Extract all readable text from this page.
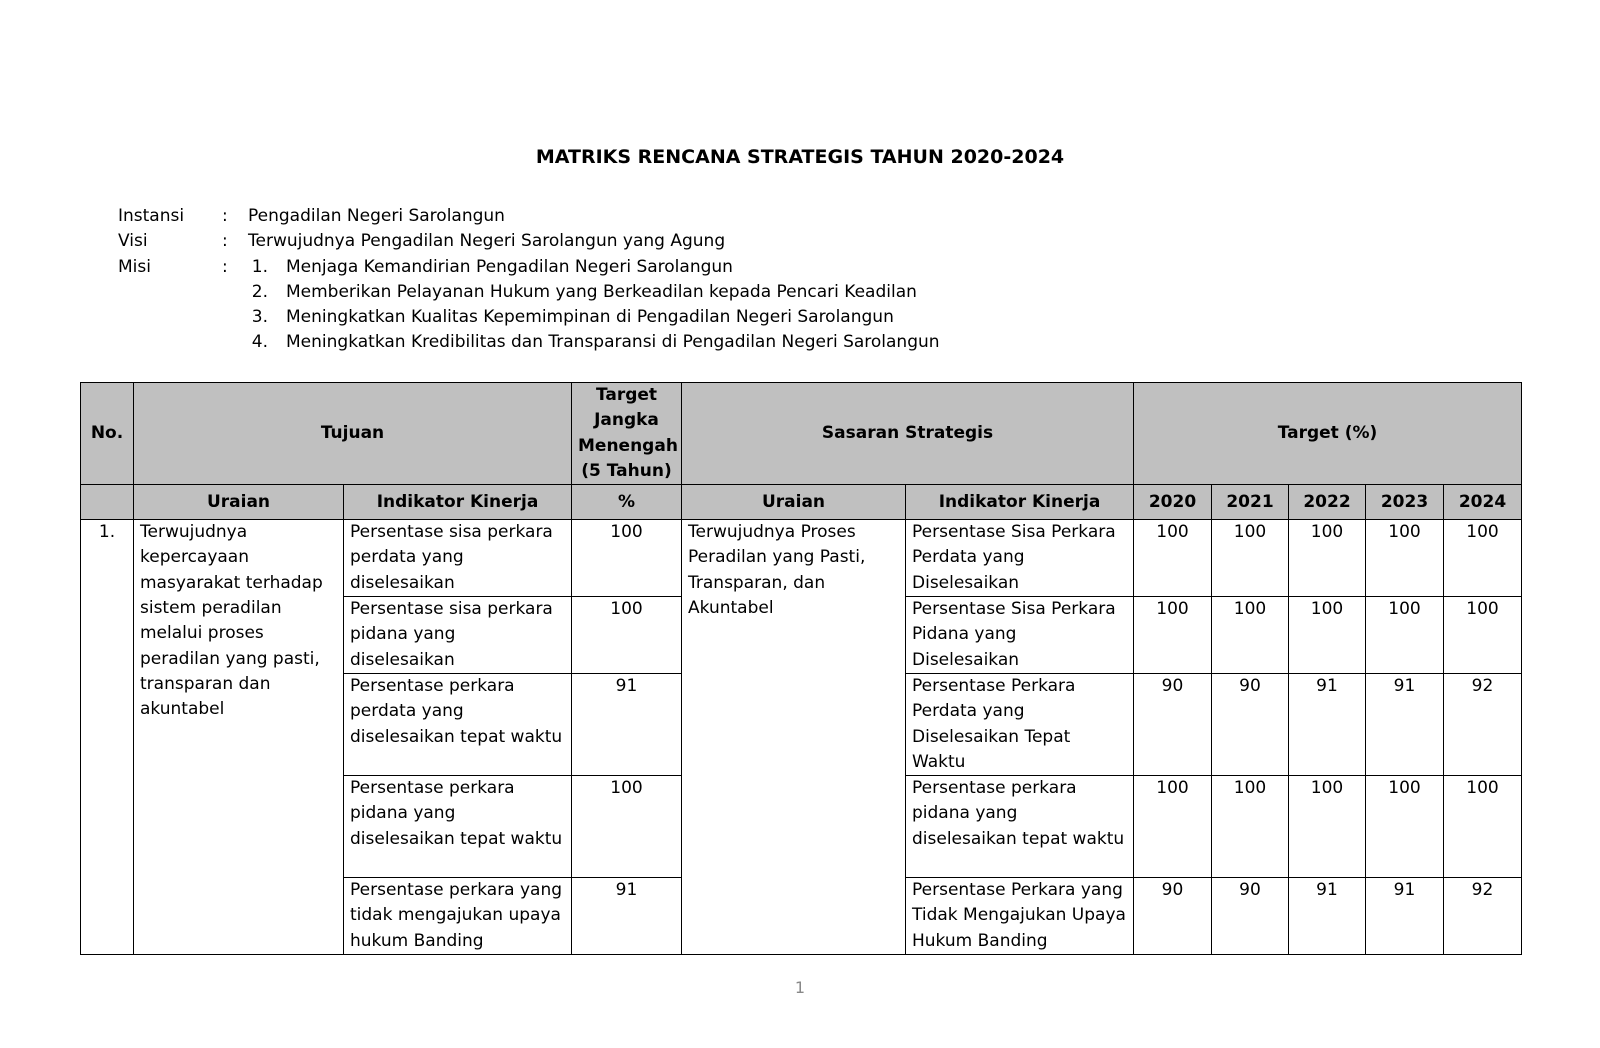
MATRIKS RENCANA STRATEGIS TAHUN 2020-2024
Instansi	:	Pengadilan Negeri Sarolangun
Visi	:	Terwujudnya Pengadilan Negeri Sarolangun yang Agung
Misi	:	1.	Menjaga Kemandirian Pengadilan Negeri Sarolangun
2.	Memberikan Pelayanan Hukum yang Berkeadilan kepada Pencari Keadilan
3.	Meningkatkan Kualitas Kepemimpinan di Pengadilan Negeri Sarolangun
4.	Meningkatkan Kredibilitas dan Transparansi di Pengadilan Negeri Sarolangun
No.	Tujuan		Target Jangka Menengah (5 Tahun)	Sasaran Strategis		Target (%)				
	Uraian	Indikator Kinerja	%	Uraian	Indikator Kinerja	2020	2021	2022	2023	2024
1.	Terwujudnya kepercayaan masyarakat terhadap sistem peradilan melalui proses peradilan yang pasti, transparan dan akuntabel	Persentase sisa perkara perdata yang diselesaikan	100	Terwujudnya Proses Peradilan yang Pasti, Transparan, dan Akuntabel	Persentase Sisa Perkara Perdata yang Diselesaikan	100	100	100	100	100
		Persentase sisa perkara pidana yang diselesaikan	100		Persentase Sisa Perkara Pidana yang Diselesaikan	100	100	100	100	100
		Persentase perkara perdata yang diselesaikan tepat waktu	91		Persentase Perkara Perdata yang Diselesaikan Tepat Waktu	90	90	91	91	92
		Persentase perkara pidana yang diselesaikan tepat waktu	100		Persentase perkara pidana yang diselesaikan tepat waktu	100	100	100	100	100
		Persentase perkara yang tidak mengajukan upaya hukum Banding	91		Persentase Perkara yang Tidak Mengajukan Upaya Hukum Banding	90	90	91	91	92
1
